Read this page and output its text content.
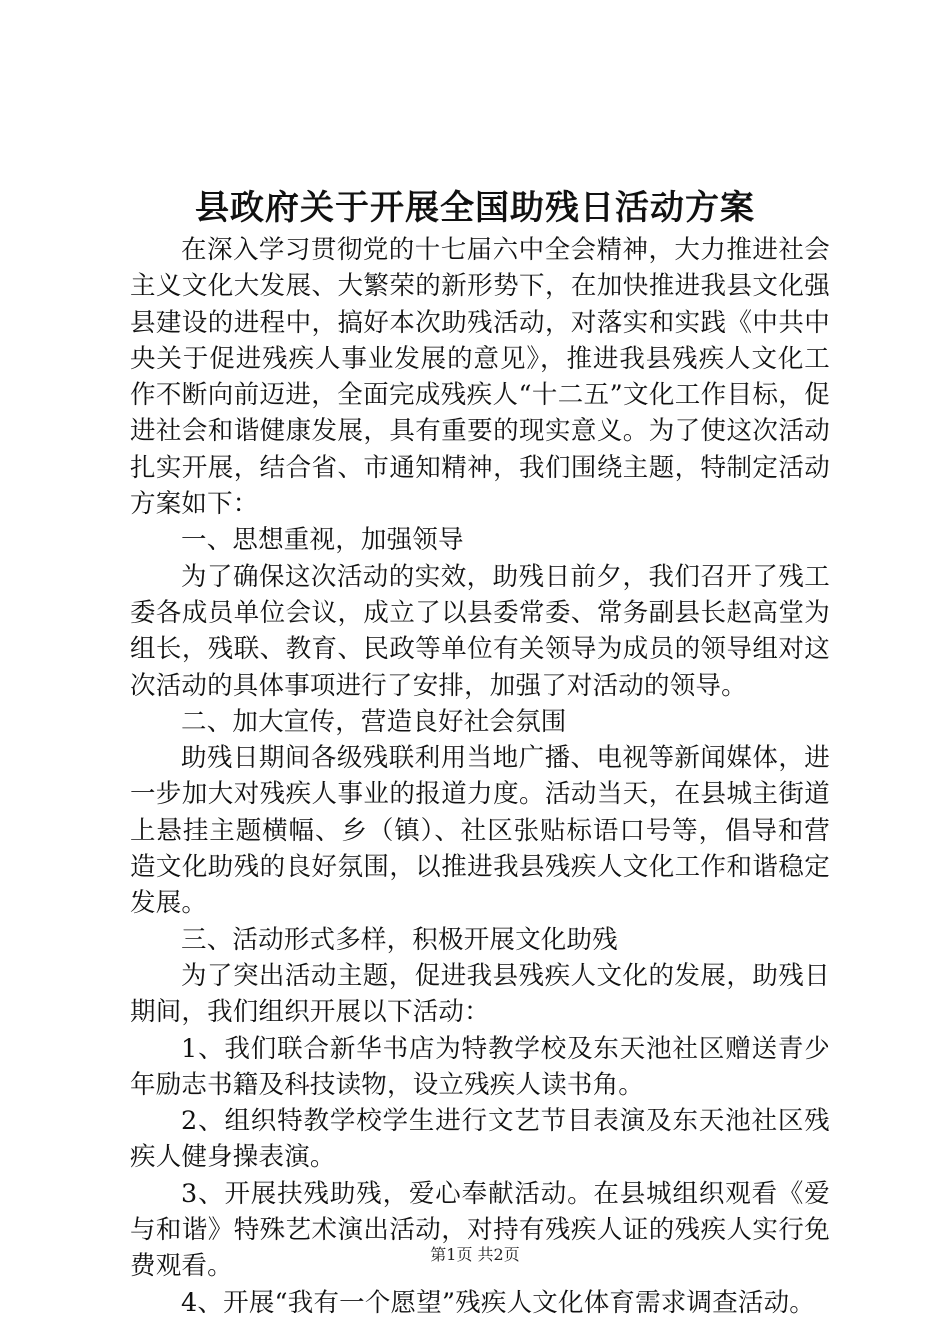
县政府关于开展全国助残日活动方案

在深入学习贯彻党的十七届六中全会精神，大力推进社会主义文化大发展、大繁荣的新形势下，在加快推进我县文化强县建设的进程中，搞好本次助残活动，对落实和实践《中共中央关于促进残疾人事业发展的意见》，推进我县残疾人文化工作不断向前迈进，全面完成残疾人“十二五”文化工作目标，促进社会和谐健康发展，具有重要的现实意义。为了使这次活动扎实开展，结合省、市通知精神，我们围绕主题，特制定活动方案如下：

一、思想重视，加强领导

为了确保这次活动的实效，助残日前夕，我们召开了残工委各成员单位会议，成立了以县委常委、常务副县长赵高堂为组长，残联、教育、民政等单位有关领导为成员的领导组对这次活动的具体事项进行了安排，加强了对活动的领导。

二、加大宣传，营造良好社会氛围

助残日期间各级残联利用当地广播、电视等新闻媒体，进一步加大对残疾人事业的报道力度。活动当天，在县城主街道上悬挂主题横幅、乡（镇）、社区张贴标语口号等，倡导和营造文化助残的良好氛围，以推进我县残疾人文化工作和谐稳定发展。

三、活动形式多样，积极开展文化助残

为了突出活动主题，促进我县残疾人文化的发展，助残日期间，我们组织开展以下活动：

1、我们联合新华书店为特教学校及东天池社区赠送青少年励志书籍及科技读物，设立残疾人读书角。

2、组织特教学校学生进行文艺节目表演及东天池社区残疾人健身操表演。

3、开展扶残助残，爱心奉献活动。在县城组织观看《爱与和谐》特殊艺术演出活动，对持有残疾人证的残疾人实行免费观看。

4、开展“我有一个愿望”残疾人文化体育需求调查活动。

第1页 共2页
